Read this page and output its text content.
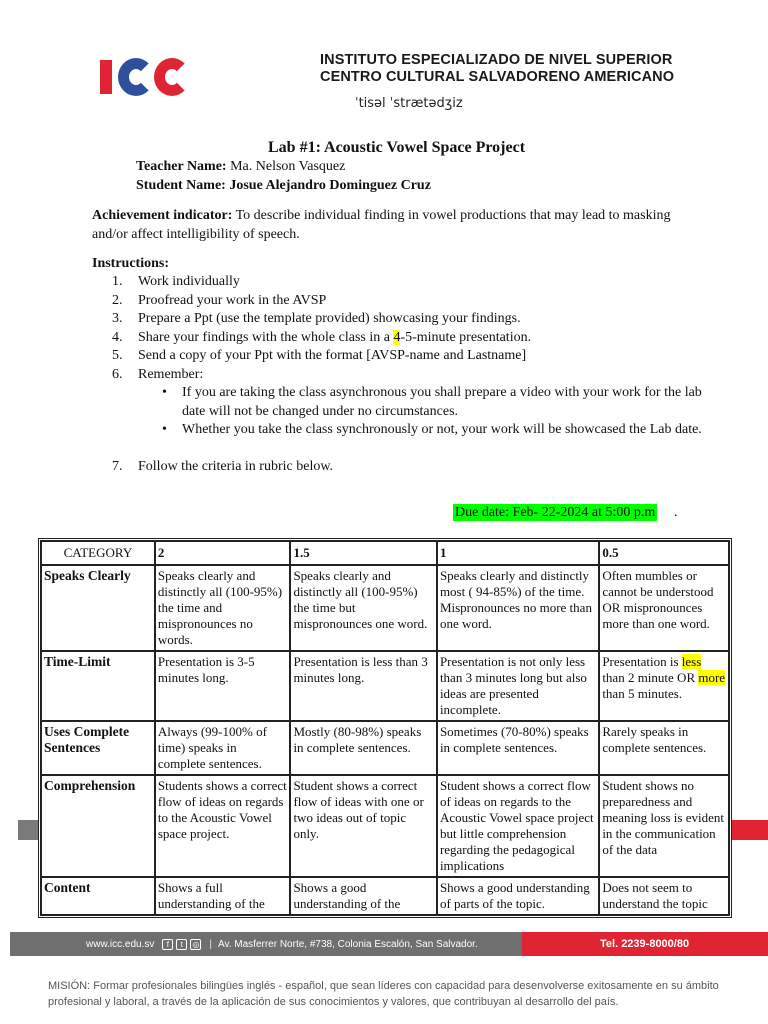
INSTITUTO ESPECIALIZADO DE NIVEL SUPERIOR
CENTRO CULTURAL SALVADORENO AMERICANO
ˈtisəl ˈstrætədʒiz
Lab #1: Acoustic Vowel Space Project
Teacher Name: Ma. Nelson Vasquez
Student Name: Josue Alejandro Dominguez Cruz
Achievement indicator: To describe individual finding in vowel productions that may lead to masking and/or affect intelligibility of speech.
Instructions:
1.	Work individually
2.	Proofread your work in the AVSP
3.	Prepare a Ppt (use the template provided) showcasing your findings.
4.	Share your findings with the whole class in a 4-5-minute presentation.
5.	Send a copy of your Ppt with the format [AVSP-name and Lastname]
6.	Remember:
•	If you are taking the class asynchronous you shall prepare a video with your work for the lab date will not be changed under no circumstances.
•	Whether you take the class synchronously or not, your work will be showcased the Lab date.
7.	Follow the criteria in rubric below.
Due date: Feb- 22-2024 at 5:00 p.m .
CATEGORY	2	1.5	1	0.5
Speaks Clearly	Speaks clearly and distinctly all (100-95%) the time and mispronounces no words.	Speaks clearly and distinctly all (100-95%) the time but mispronounces one word.	Speaks clearly and distinctly most ( 94-85%) of the time. Mispronounces no more than one word.	Often mumbles or cannot be understood OR mispronounces more than one word.
Time-Limit	Presentation is 3-5 minutes long.	Presentation is less than 3 minutes long.	Presentation is not only less than 3 minutes long but also ideas are presented incomplete.	Presentation is less than 2 minute OR more than 5 minutes.
Uses Complete Sentences	Always (99-100% of time) speaks in complete sentences.	Mostly (80-98%) speaks in complete sentences.	Sometimes (70-80%) speaks in complete sentences.	Rarely speaks in complete sentences.
Comprehension	Students shows a correct flow of ideas on regards to the Acoustic Vowel space project.	Student shows a correct flow of ideas with one or two ideas out of topic only.	Student shows a correct flow of ideas on regards to the Acoustic Vowel space project but little comprehension regarding the pedagogical implications	Student shows no preparedness and meaning loss is evident in the communication of the data
Content	Shows a full understanding of the	Shows a good understanding of the	Shows a good understanding of parts of the topic.	Does not seem to understand the topic
www.icc.edu.sv	f	t	◎ | Av. Masferrer Norte, #738, Colonia Escalón, San Salvador.	Tel. 2239-8000/80
MISIÓN: Formar profesionales bilingües inglés - español, que sean líderes con capacidad para desenvolverse exitosamente en su ámbito profesional y laboral, a través de la aplicación de sus conocimientos y valores, que contribuyan al desarrollo del país.
